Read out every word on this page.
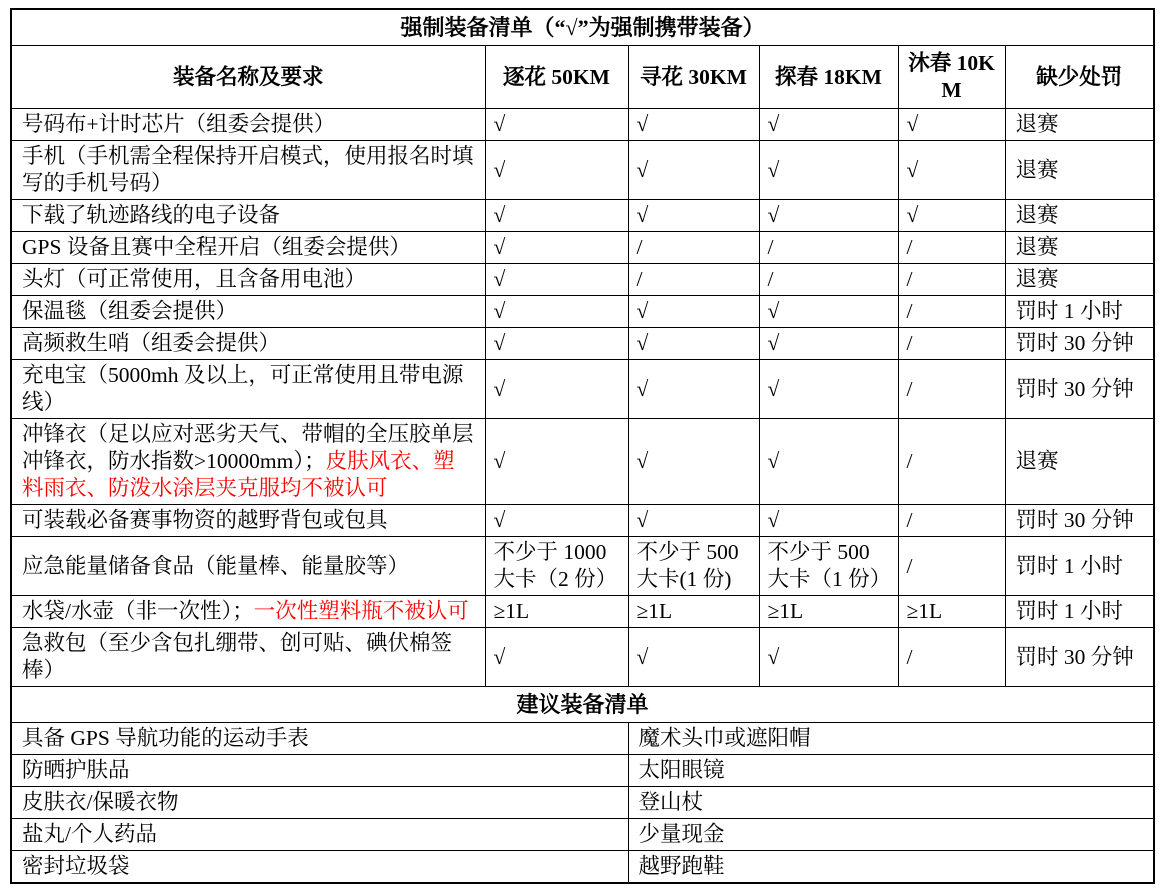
强制装备清单（“√”为强制携带装备）					
装备名称及要求	逐花 50KM	寻花 30KM	探春 18KM	沐春 10KM	缺少处罚
号码布+计时芯片（组委会提供）	√	√	√	√	退赛
手机（手机需全程保持开启模式，使用报名时填写的手机号码）	√	√	√	√	退赛
下载了轨迹路线的电子设备	√	√	√	√	退赛
GPS 设备且赛中全程开启（组委会提供）	√	/	/	/	退赛
头灯（可正常使用，且含备用电池）	√	/	/	/	退赛
保温毯（组委会提供）	√	√	√	/	罚时 1 小时
高频救生哨（组委会提供）	√	√	√	/	罚时 30 分钟
充电宝（5000mh 及以上，可正常使用且带电源线）	√	√	√	/	罚时 30 分钟
冲锋衣（足以应对恶劣天气、带帽的全压胶单层冲锋衣，防水指数>10000mm）；皮肤风衣、塑料雨衣、防泼水涂层夹克服均不被认可	√	√	√	/	退赛
可装载必备赛事物资的越野背包或包具	√	√	√	/	罚时 30 分钟
应急能量储备食品（能量棒、能量胶等）	不少于 1000 大卡（2 份）	不少于 500 大卡(1 份)	不少于 500 大卡（1 份）	/	罚时 1 小时
水袋/水壶（非一次性）；一次性塑料瓶不被认可	≥1L	≥1L	≥1L	≥1L	罚时 1 小时
急救包（至少含包扎绷带、创可贴、碘伏棉签棒）	√	√	√	/	罚时 30 分钟
建议装备清单					
具备 GPS 导航功能的运动手表		魔术头巾或遮阳帽			
防晒护肤品		太阳眼镜			
皮肤衣/保暖衣物		登山杖			
盐丸/个人药品		少量现金			
密封垃圾袋		越野跑鞋			
